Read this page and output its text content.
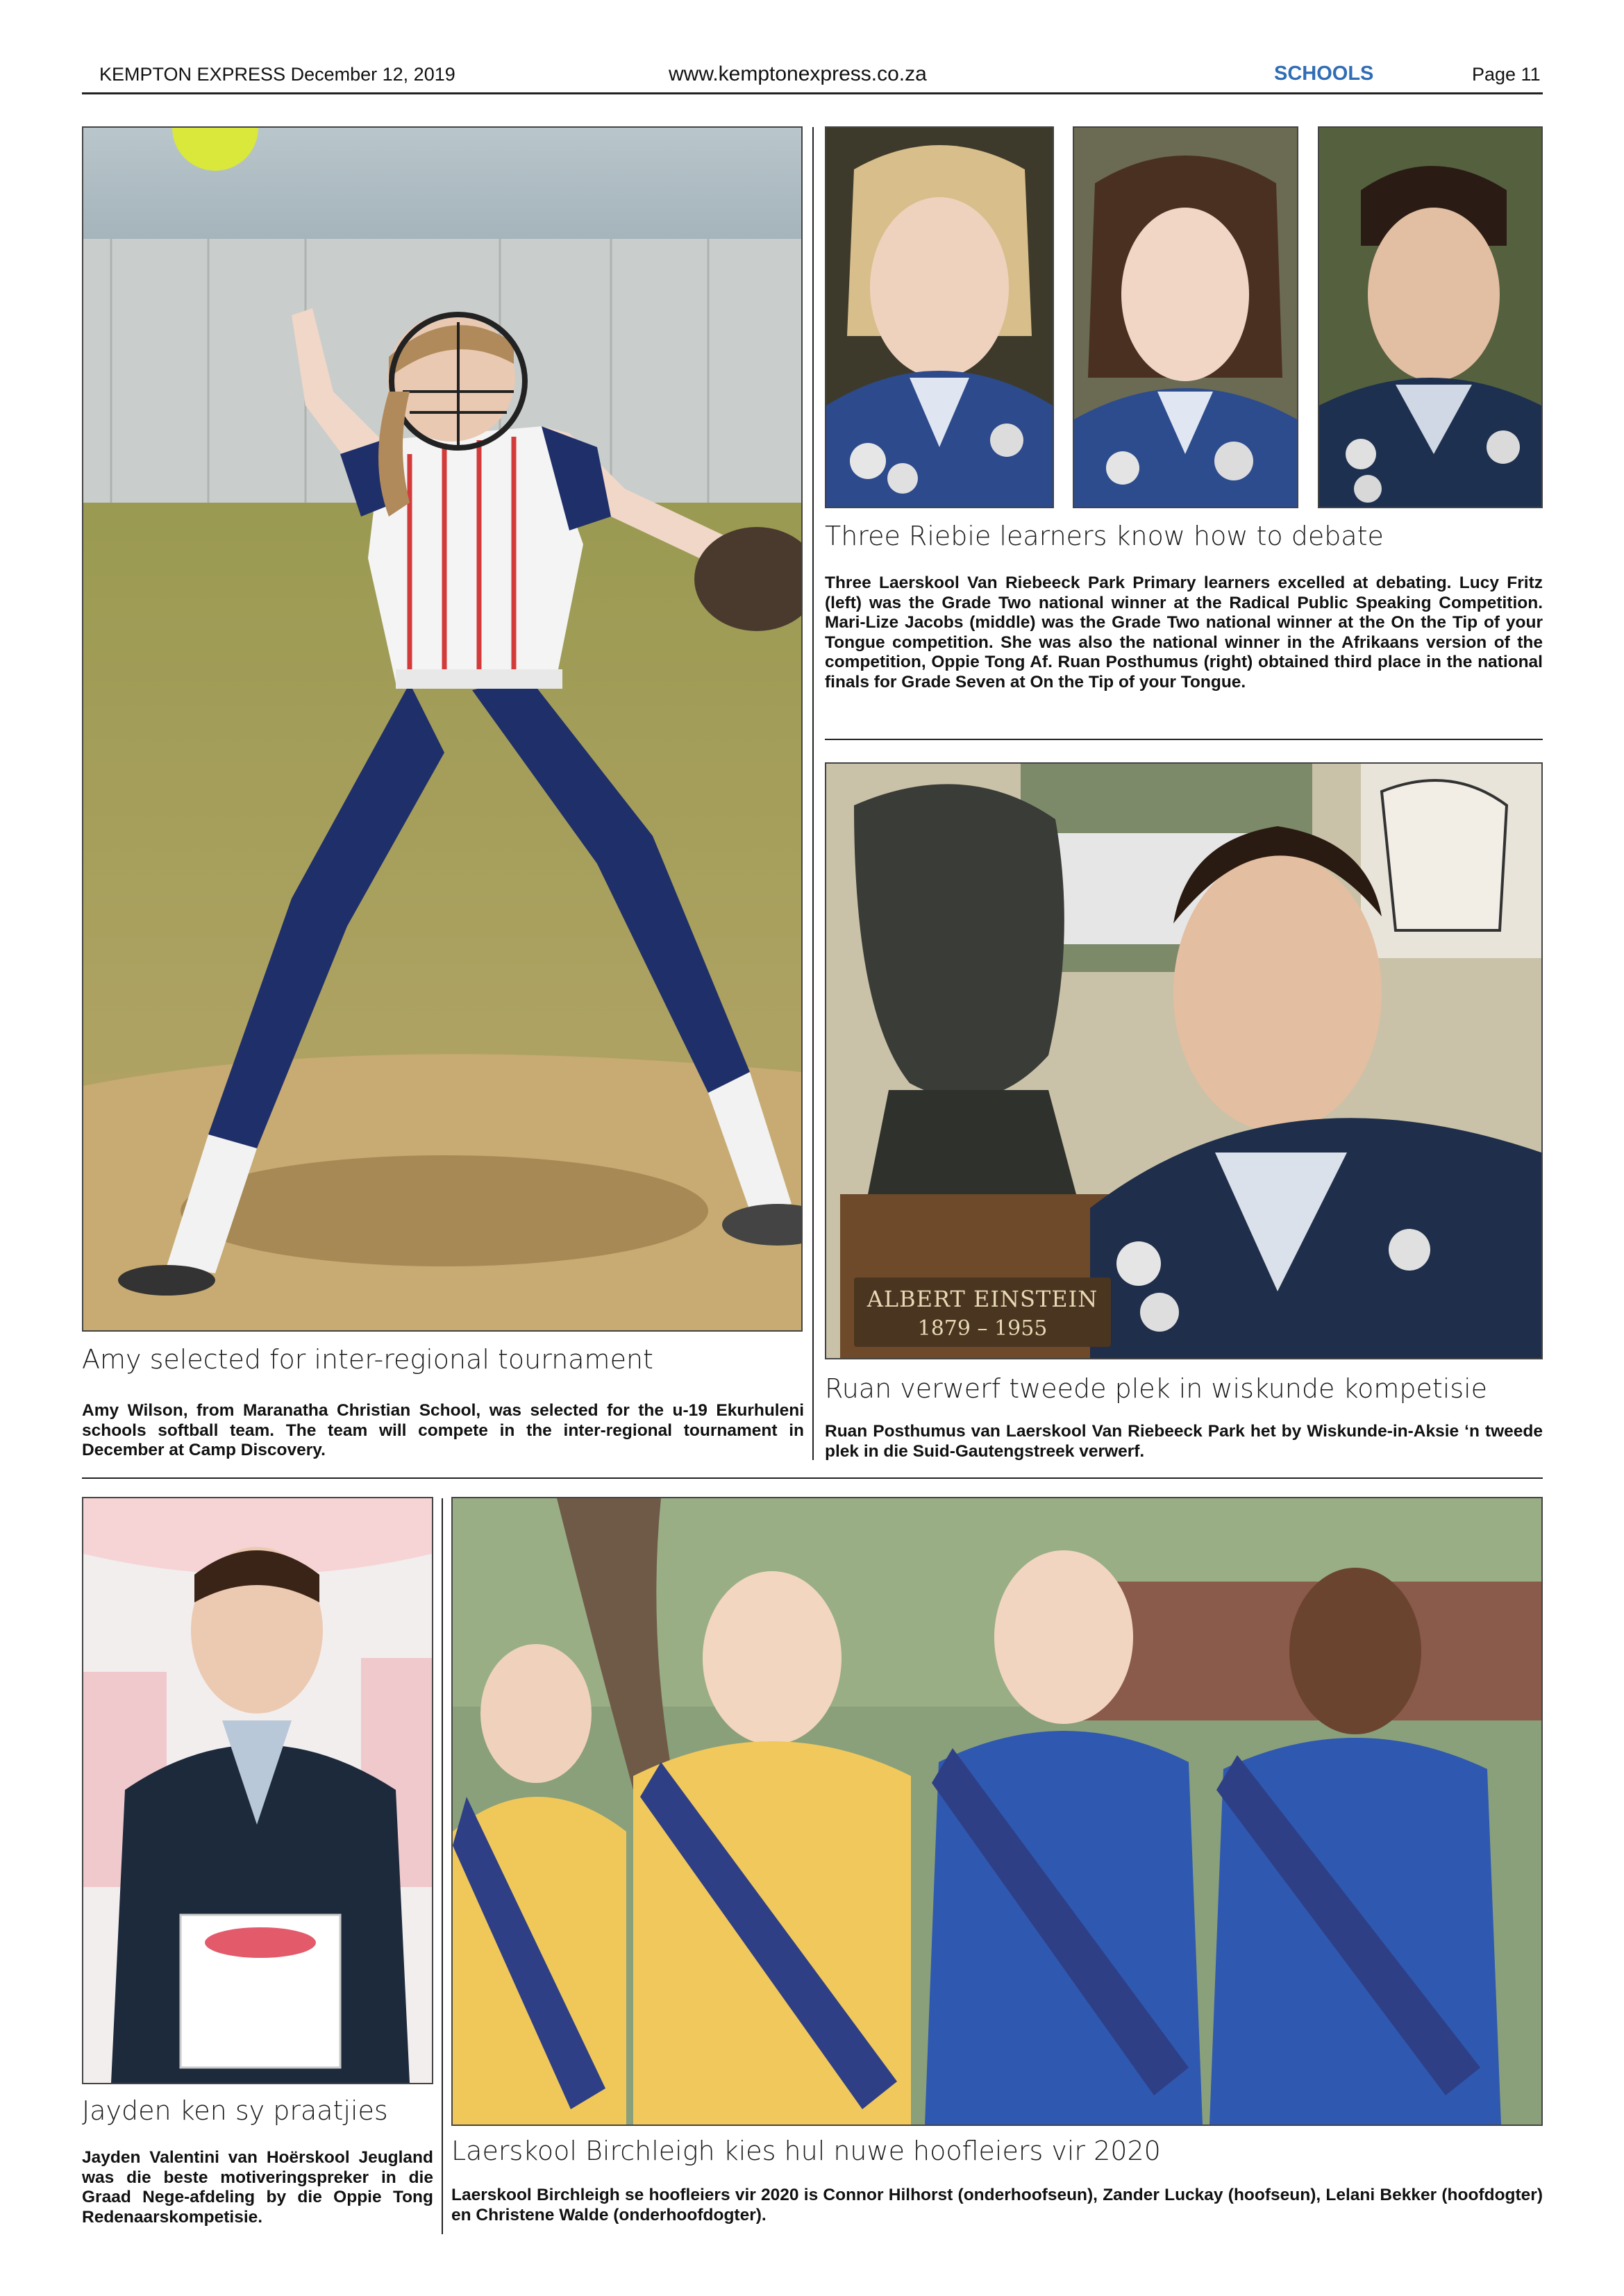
KEMPTON EXPRESS December 12, 2019	www.kemptonexpress.co.za	SCHOOLS	Page 11
Amy selected for inter-regional tournament

Amy Wilson, from Maranatha Christian School, was selected for the u-19 Ekurhuleni schools softball team. The team will compete in the inter-regional tournament in December at Camp Discovery.

Three Riebie learners know how to debate

Three Laerskool Van Riebeeck Park Primary learners excelled at debating. Lucy Fritz (left) was the Grade Two national winner at the Radical Public Speaking Competition. Mari-Lize Jacobs (middle) was the Grade Two national winner at the On the Tip of your Tongue competition. She was also the national winner in the Afrikaans version of the competition, Oppie Tong Af. Ruan Posthumus (right) obtained third place in the national finals for Grade Seven at On the Tip of your Tongue.

ALBERT EINSTEIN
1879 – 1955
Ruan verwerf tweede plek in wiskunde kompetisie

Ruan Posthumus van Laerskool Van Riebeeck Park het by Wiskunde-in-Aksie ‘n tweede plek in die Suid-Gautengstreek verwerf.

Jayden ken sy praatjies

Jayden Valentini van Hoërskool Jeugland was die beste motiveringspreker in die Graad Nege-afdeling by die Oppie Tong Redenaarskompetisie.

Laerskool Birchleigh kies hul nuwe hoofleiers vir 2020

Laerskool Birchleigh se hoofleiers vir 2020 is Connor Hilhorst (onderhoofseun), Zander Luckay (hoofseun), Lelani Bekker (hoofdogter) en Christene Walde (onderhoofdogter).
